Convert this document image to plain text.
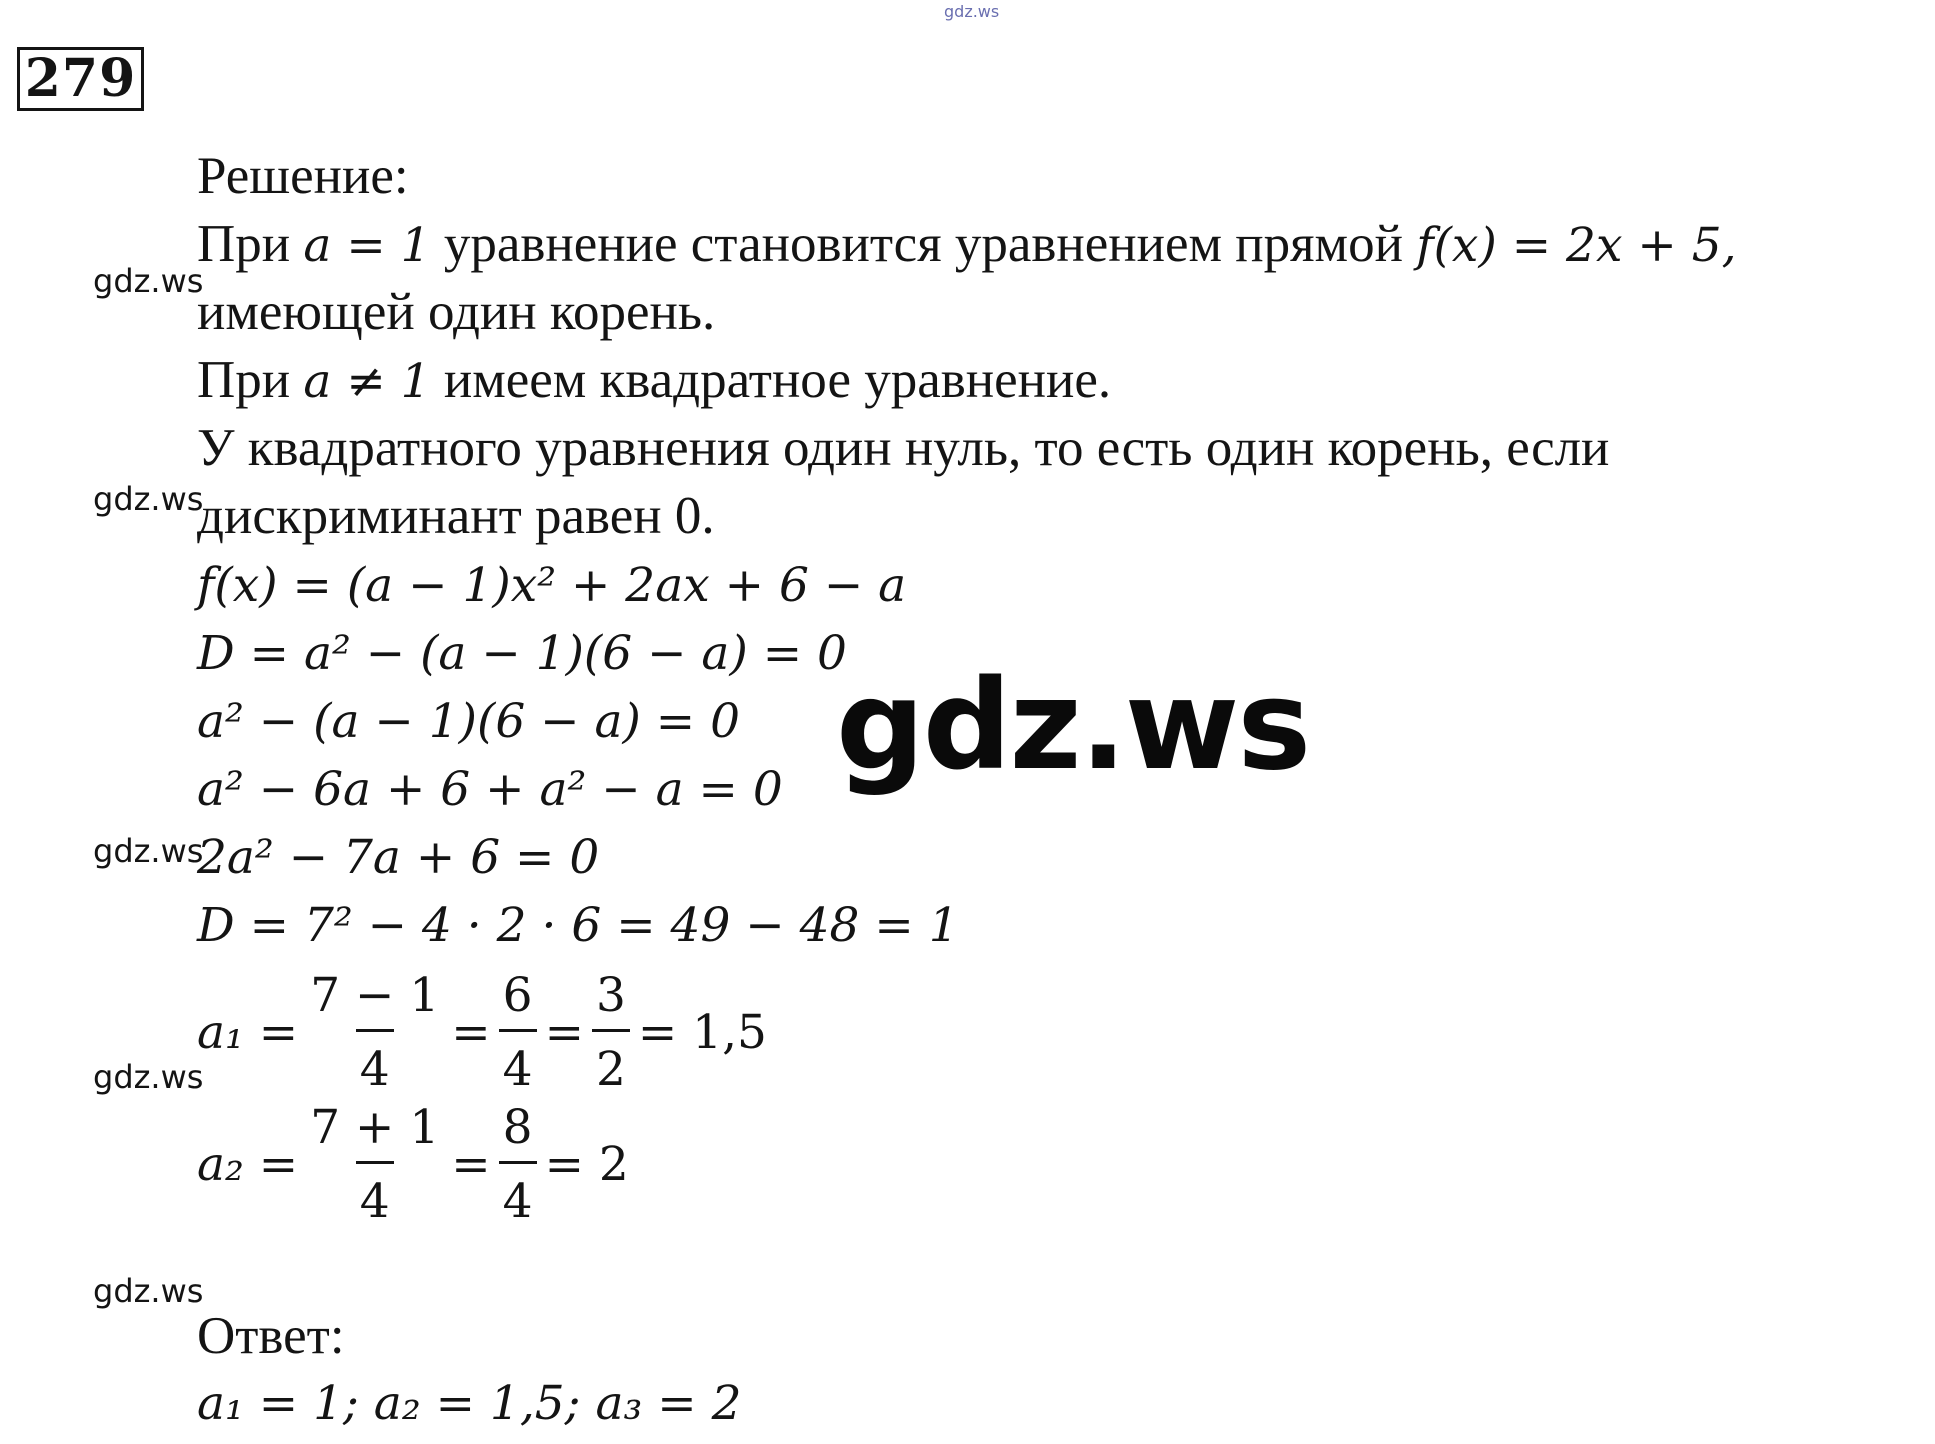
gdz.ws
279
gdz.ws
gdz.ws
gdz.ws
gdz.ws
gdz.ws
Решение:
При a = 1 уравнение становится уравнением прямой f(x) = 2x + 5,
имеющей один корень.
При a ≠ 1 имеем квадратное уравнение.
У квадратного уравнения один нуль, то есть один корень, если
дискриминант равен 0.
f(x) = (a − 1)x² + 2ax + 6 − a
D = a² − (a − 1)(6 − a) = 0
a² − (a − 1)(6 − a) = 0
a² − 6a + 6 + a² − a = 0
2a² − 7a + 6 = 0
D = 7² − 4 · 2 · 6 = 49 − 48 = 1
$a_1 = \frac{7 - 1}{4} = \frac{6}{4} = \frac{3}{2} = 1,5$
$a_2 = \frac{7 + 1}{4} = \frac{8}{4} = 2$
Ответ:
a₁ = 1; a₂ = 1,5; a₃ = 2
gdz.ws
